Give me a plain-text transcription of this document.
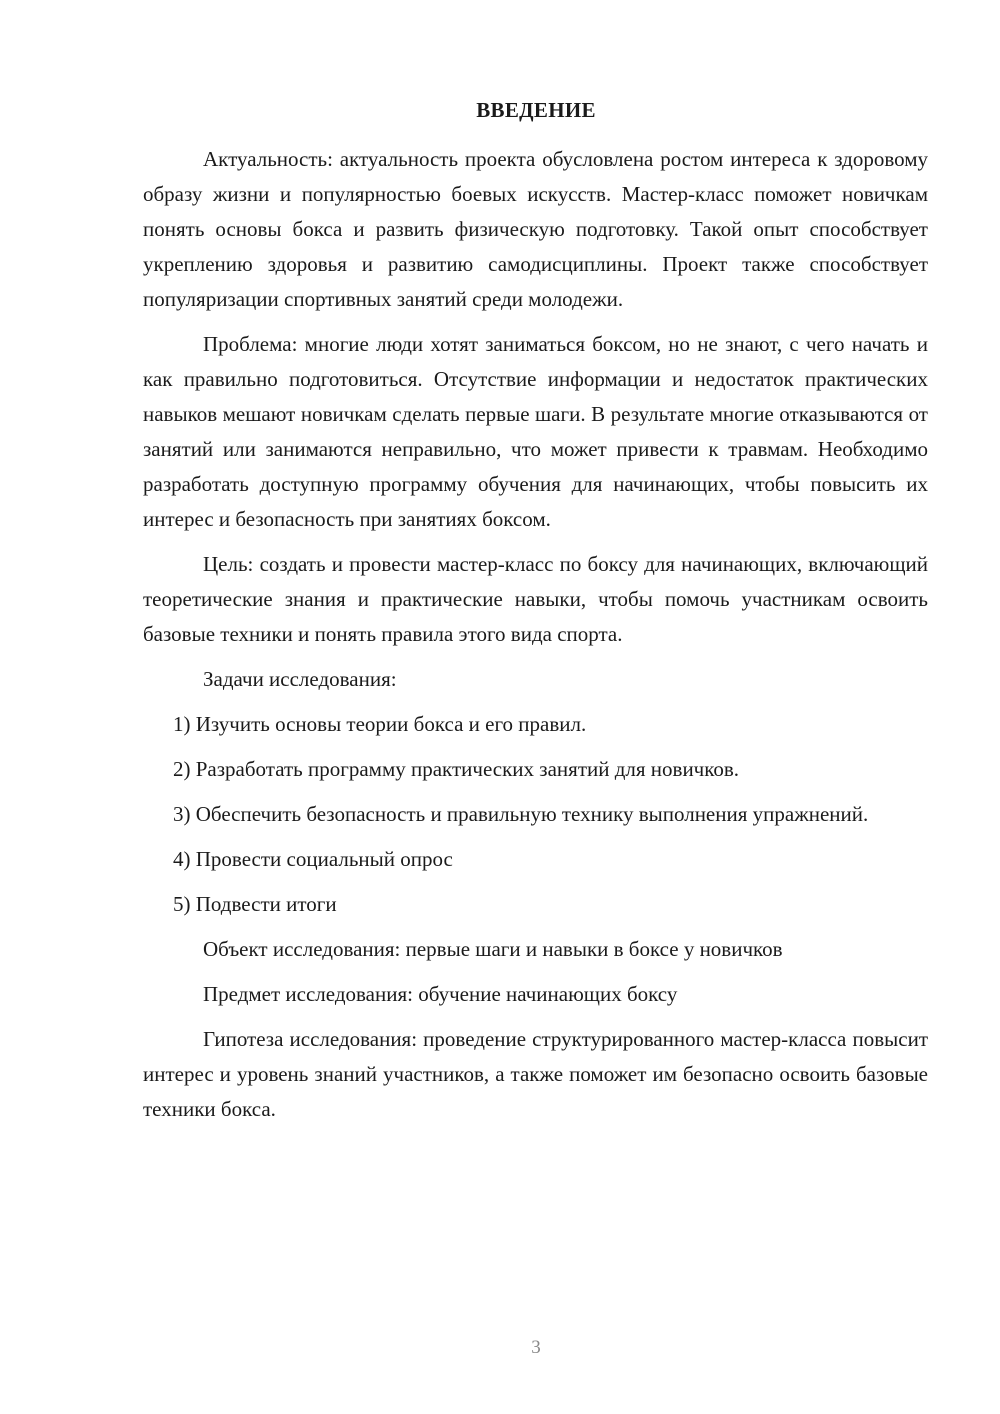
ВВЕДЕНИЕ

Актуальность: актуальность проекта обусловлена ростом интереса к здоровому образу жизни и популярностью боевых искусств. Мастер-класс поможет новичкам понять основы бокса и развить физическую подготовку. Такой опыт способствует укреплению здоровья и развитию самодисциплины. Проект также способствует популяризации спортивных занятий среди молодежи.

Проблема: многие люди хотят заниматься боксом, но не знают, с чего начать и как правильно подготовиться. Отсутствие информации и недостаток практических навыков мешают новичкам сделать первые шаги. В результате многие отказываются от занятий или занимаются неправильно, что может привести к травмам. Необходимо разработать доступную программу обучения для начинающих, чтобы повысить их интерес и безопасность при занятиях боксом.

Цель: создать и провести мастер-класс по боксу для начинающих, включающий теоретические знания и практические навыки, чтобы помочь участникам освоить базовые техники и понять правила этого вида спорта.

Задачи исследования:

1) Изучить основы теории бокса и его правил.

2) Разработать программу практических занятий для новичков.

3) Обеспечить безопасность и правильную технику выполнения упражнений.

4) Провести социальный опрос

5) Подвести итоги

Объект исследования: первые шаги и навыки в боксе у новичков

Предмет исследования: обучение начинающих боксу

Гипотеза исследования: проведение структурированного мастер-класса повысит интерес и уровень знаний участников, а также поможет им безопасно освоить базовые техники бокса.

3
